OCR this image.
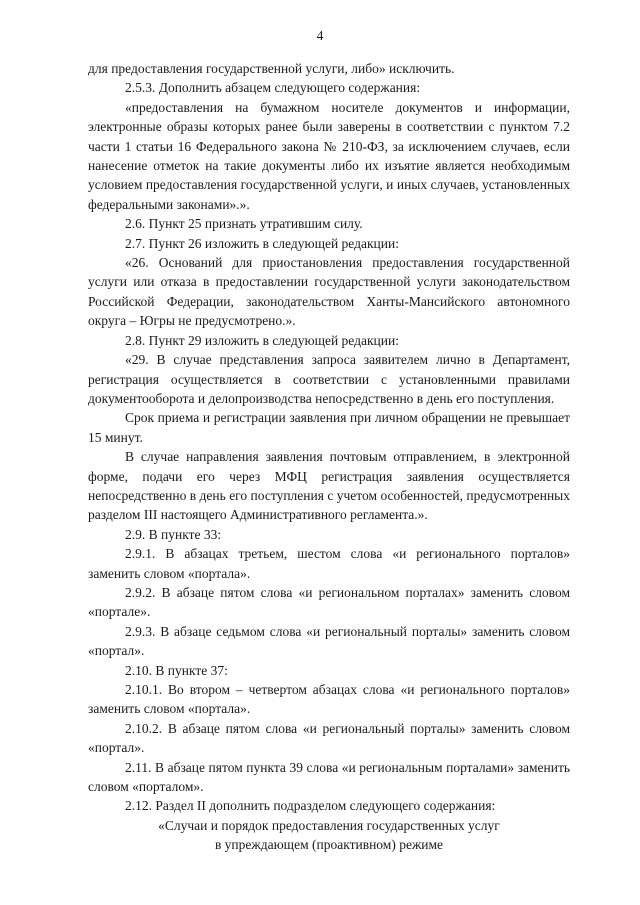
4

для предоставления государственной услуги, либо» исключить.

2.5.3. Дополнить абзацем следующего содержания:

«предоставления на бумажном носителе документов и информации, электронные образы которых ранее были заверены в соответствии с пунктом 7.2 части 1 статьи 16 Федерального закона № 210-ФЗ, за исключением случаев, если нанесение отметок на такие документы либо их изъятие является необходимым условием предоставления государственной услуги, и иных случаев, установленных федеральными законами».».

2.6. Пункт 25 признать утратившим силу.

2.7. Пункт 26 изложить в следующей редакции:

«26. Оснований для приостановления предоставления государственной услуги или отказа в предоставлении государственной услуги законодательством Российской Федерации, законодательством Ханты-Мансийского автономного округа – Югры не предусмотрено.».

2.8. Пункт 29 изложить в следующей редакции:

«29. В случае представления запроса заявителем лично в Департамент, регистрация осуществляется в соответствии с установленными правилами документооборота и делопроизводства непосредственно в день его поступления.

Срок приема и регистрации заявления при личном обращении не превышает 15 минут.

В случае направления заявления почтовым отправлением, в электронной форме, подачи его через МФЦ регистрация заявления осуществляется непосредственно в день его поступления с учетом особенностей, предусмотренных разделом III настоящего Административного регламента.».

2.9. В пункте 33:

2.9.1. В абзацах третьем, шестом слова «и регионального порталов» заменить словом «портала».

2.9.2. В абзаце пятом слова «и региональном порталах» заменить словом «портале».

2.9.3. В абзаце седьмом слова «и региональный порталы» заменить словом «портал».

2.10. В пункте 37:

2.10.1. Во втором – четвертом абзацах слова «и регионального порталов» заменить словом «портала».

2.10.2. В абзаце пятом слова «и региональный порталы» заменить словом «портал».

2.11. В абзаце пятом пункта 39 слова «и региональным порталами» заменить словом «порталом».

2.12. Раздел II дополнить подразделом следующего содержания:

«Случаи и порядок предоставления государственных услуг

в упреждающем (проактивном) режиме
